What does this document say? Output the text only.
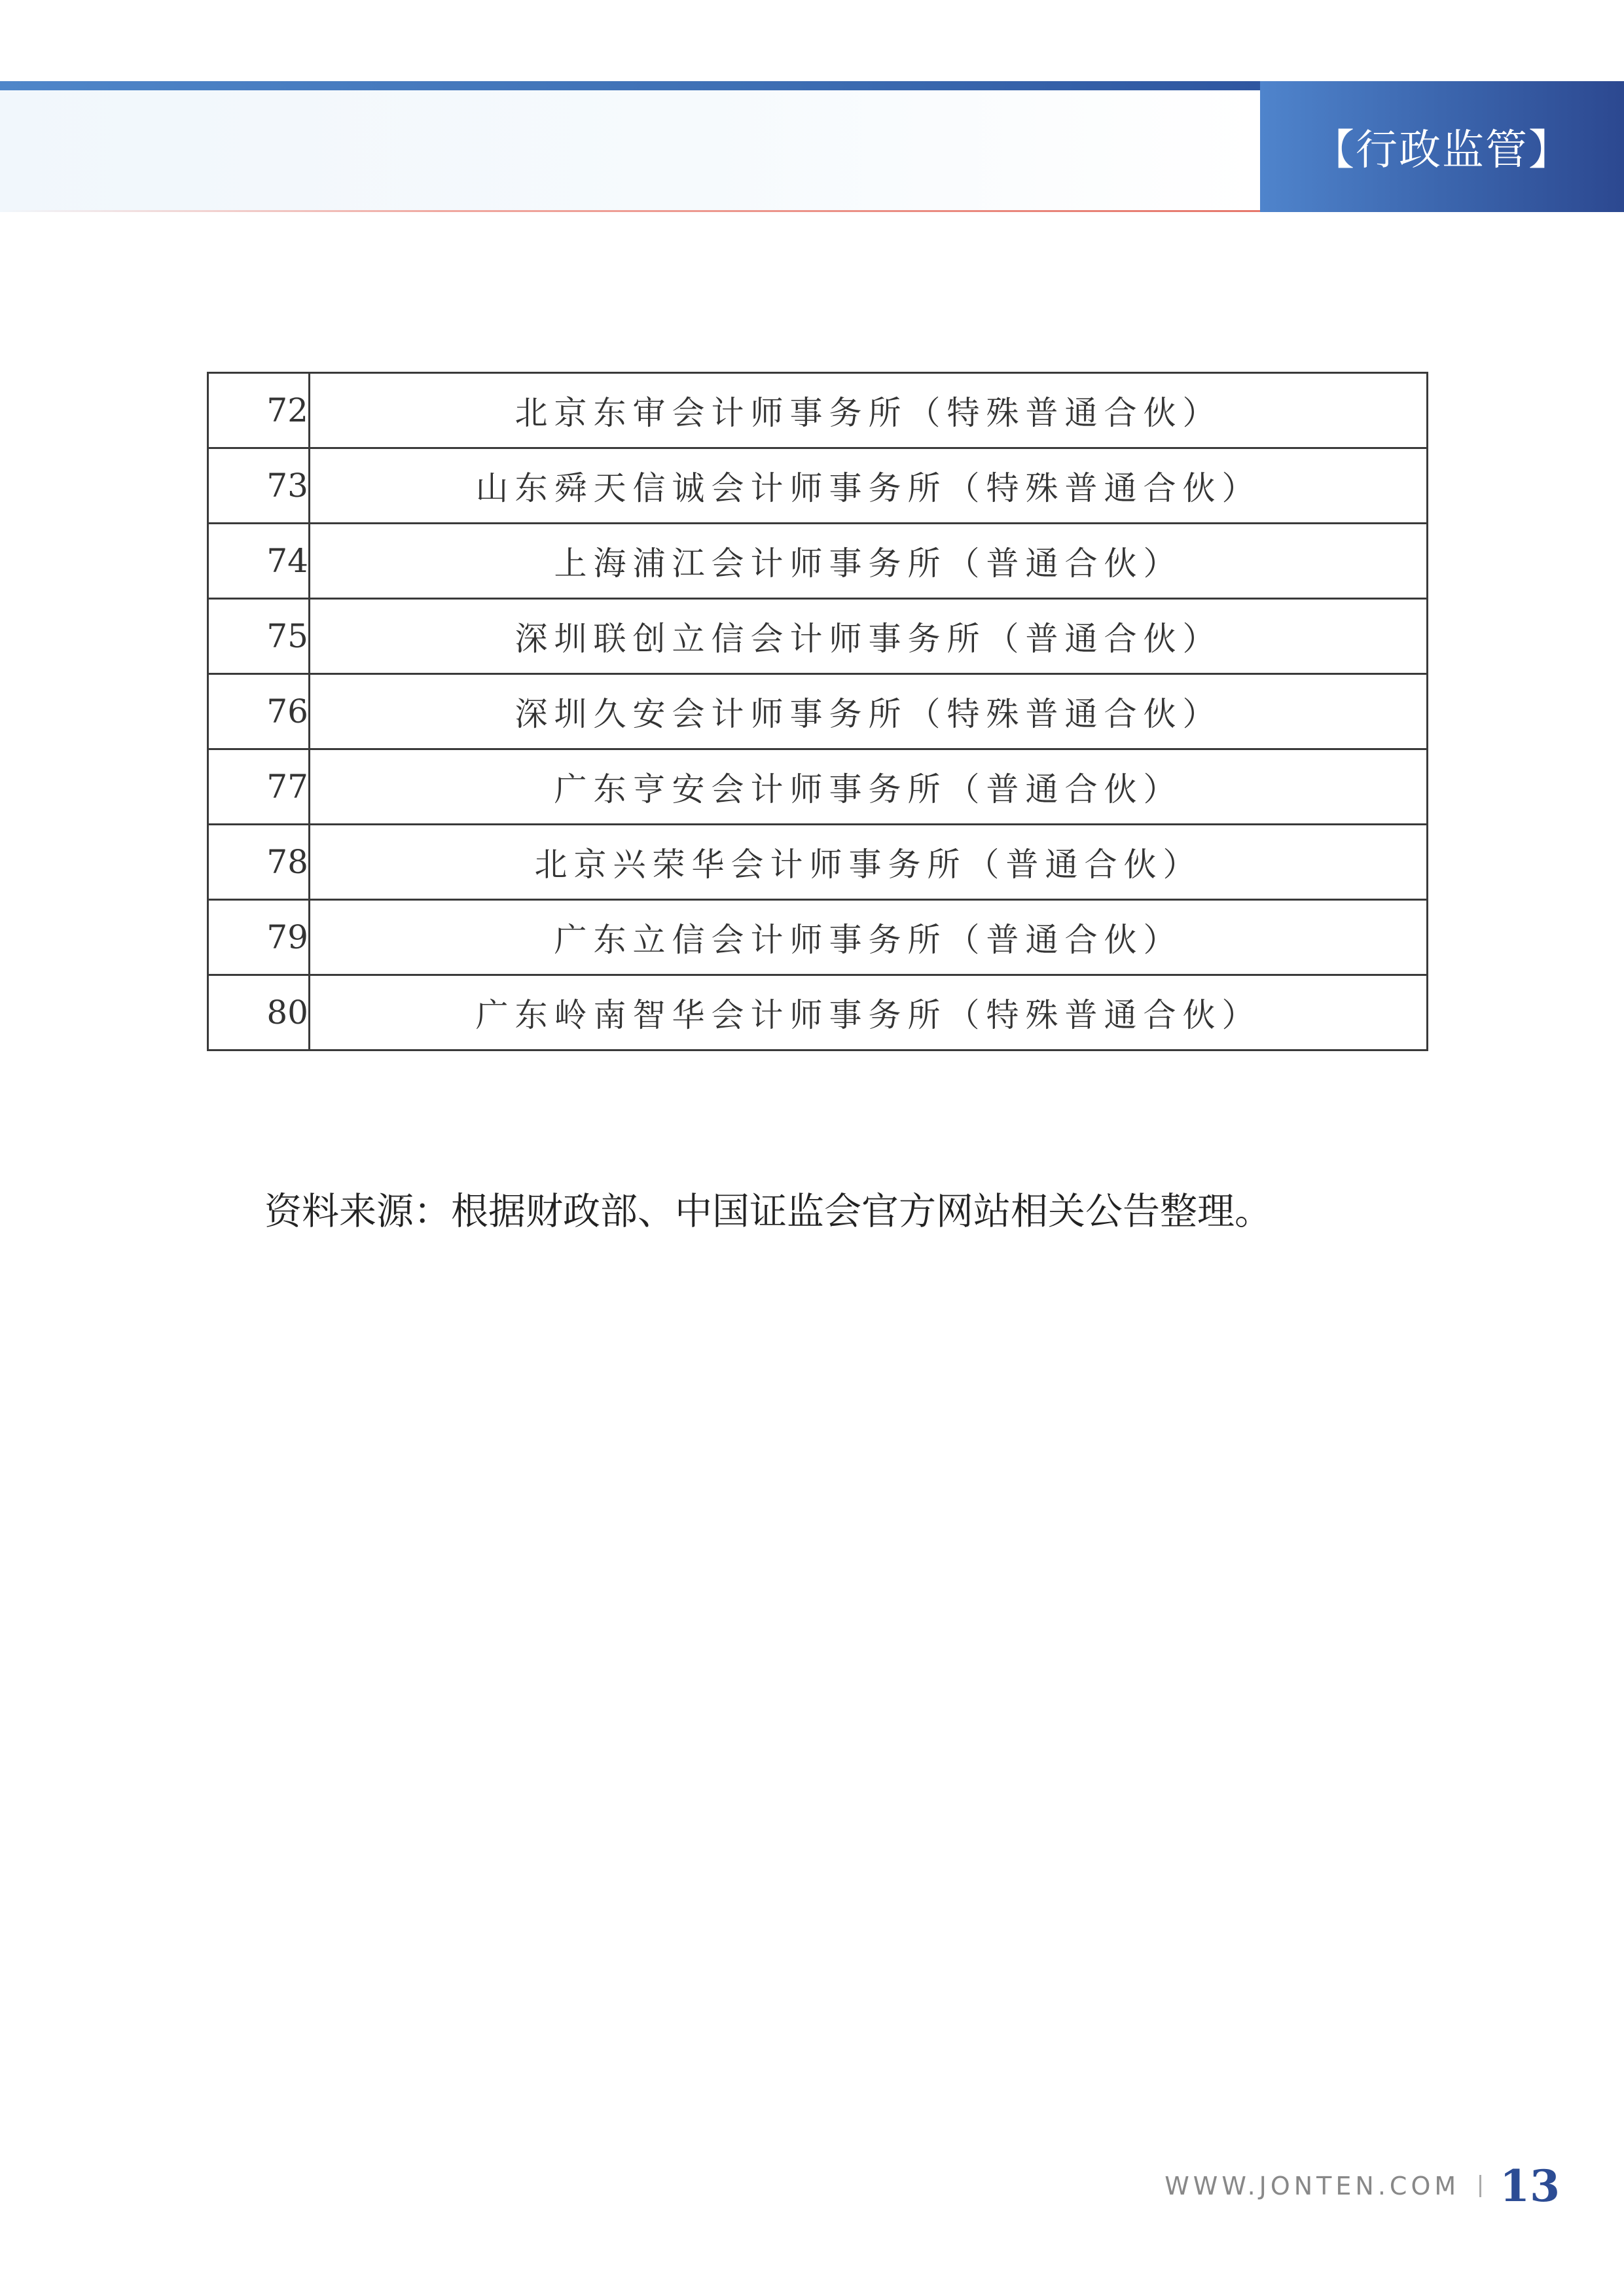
【行政监管】
72	北京东审会计师事务所（特殊普通合伙）
73	山东舜天信诚会计师事务所（特殊普通合伙）
74	上海浦江会计师事务所（普通合伙）
75	深圳联创立信会计师事务所（普通合伙）
76	深圳久安会计师事务所（特殊普通合伙）
77	广东亨安会计师事务所（普通合伙）
78	北京兴荣华会计师事务所（普通合伙）
79	广东立信会计师事务所（普通合伙）
80	广东岭南智华会计师事务所（特殊普通合伙）
资料来源：根据财政部、中国证监会官方网站相关公告整理。
WWW.JONTEN.COM 13
